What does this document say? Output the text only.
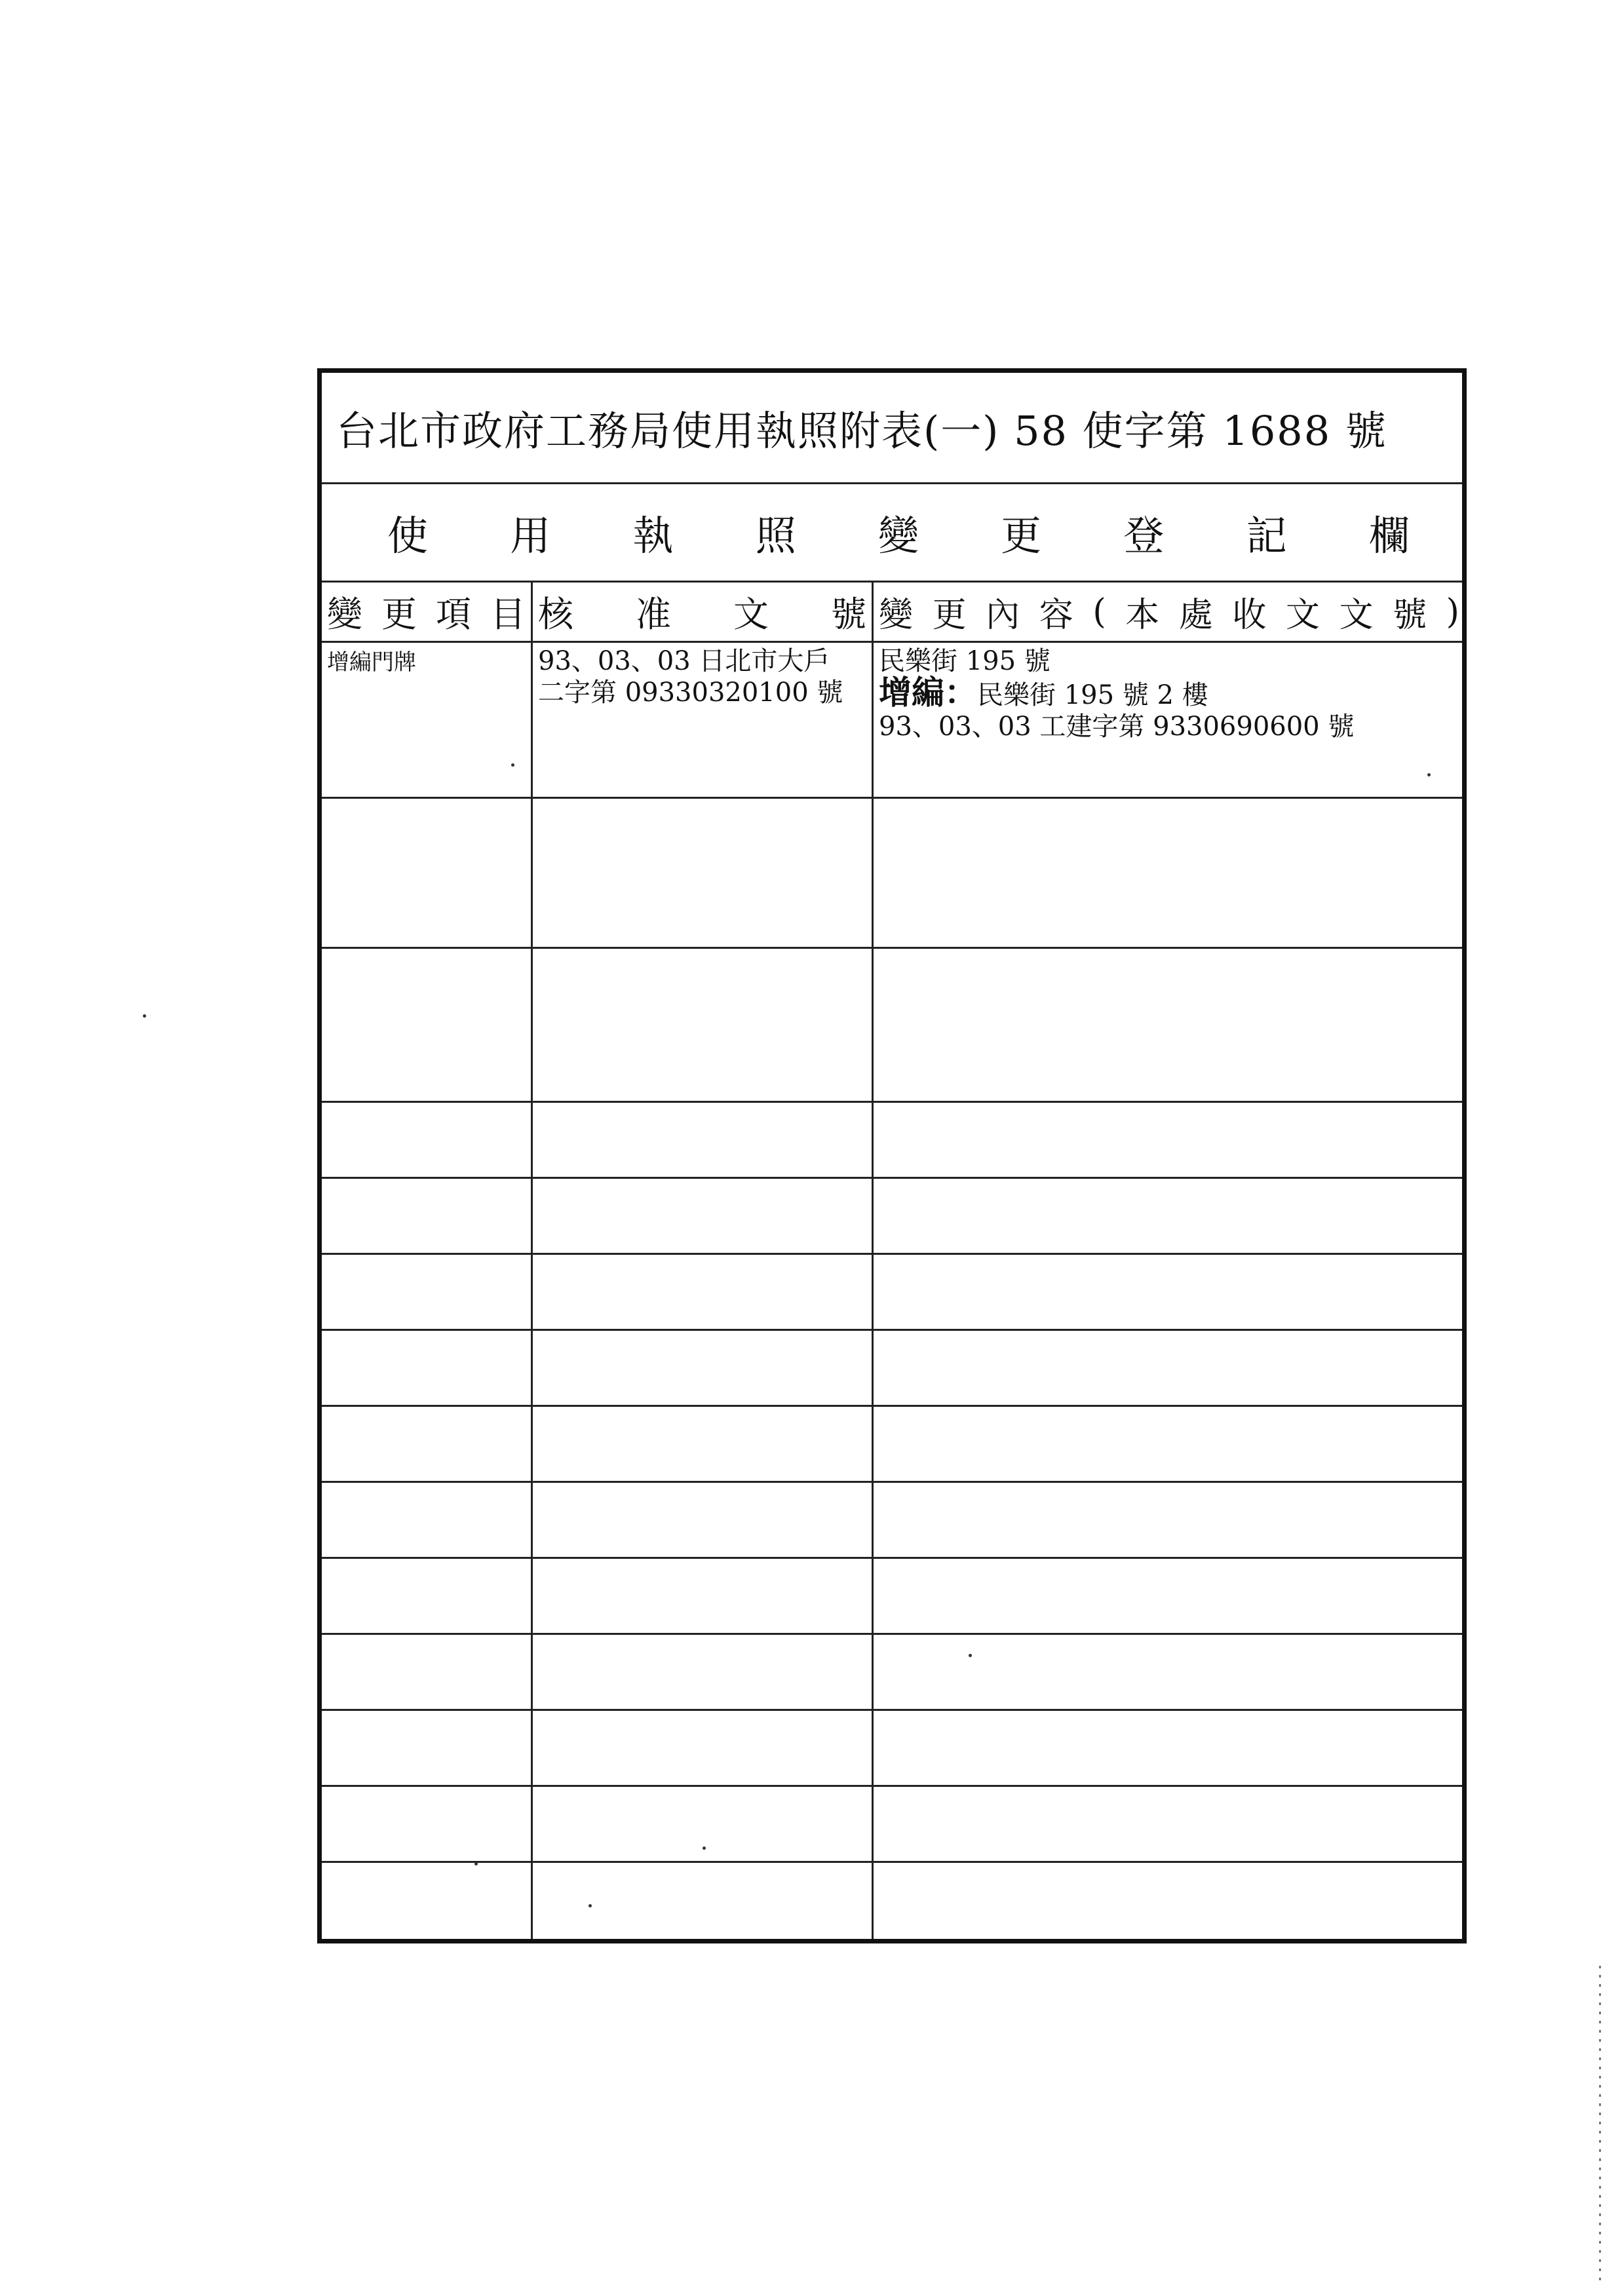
台北市政府工務局使用執照附表(一) 58 使字第 1688 號
使 用 執 照 變 更 登 記 欄
變 更 項 目 核 准 文 號 變 更 內 容 ( 本 處 收 文 文 號 )
增編門牌	93、03、03 日北市大戶
二字第 09330320100 號
民樂街 195 號
增編：民樂街 195 號 2 樓
93、03、03 工建字第 9330690600 號
